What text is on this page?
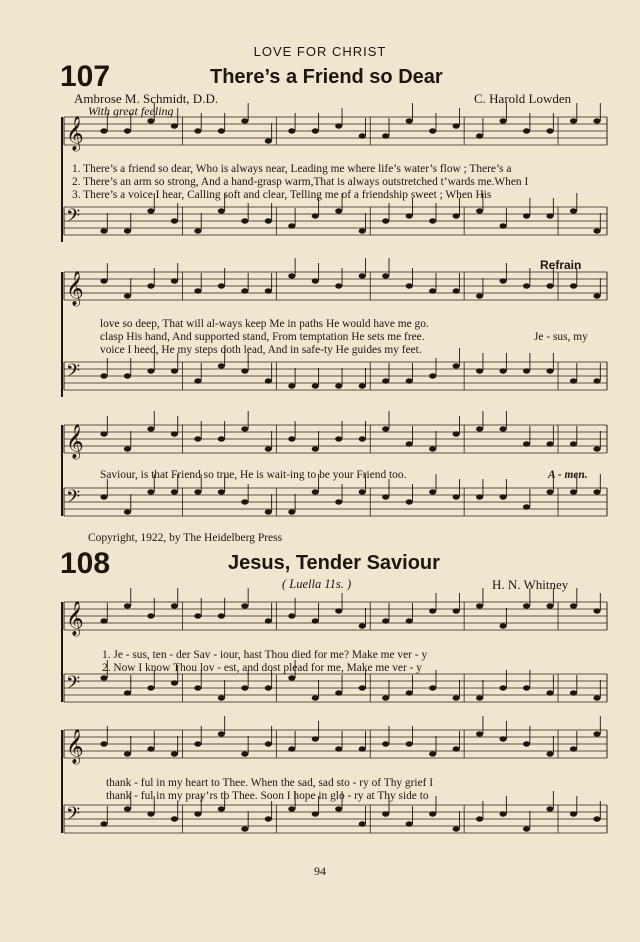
𝄞
𝄢
𝄞
𝄢
𝄞
𝄢
𝄞
𝄢
𝄞
𝄢
LOVE FOR CHRIST
107	There’s a Friend so Dear
Ambrose M. Schmidt, D.D.	C. Harold Lowden
With great feeling
1. There’s a friend so dear, Who is always near, Leading me where life’s water’s flow ; There’s a
2. There’s an arm so strong, And a hand-grasp warm,That is always outstretched t’wards me.When I
3. There’s a voice I hear, Calling soft and clear, Telling me of a friendship sweet ; When His
Refrain
love so deep, That will al-ways keep Me in paths He would have me go.
clasp His hand, And supported stand, From temptation He sets me free.
voice I heed, He my steps doth lead, And in safe-ty He guides my feet.
Je - sus, my
Saviour, is that Friend so true, He is wait-ing to be your Friend too.	A - men.
Copyright, 1922, by The Heidelberg Press
108	Jesus, Tender Saviour
( Luella 11s. )	H. N. Whitney
1. Je - sus, ten - der Sav - iour, hast Thou died for me? Make me ver - y
2. Now I know Thou lov - est, and dost plead for me, Make me ver - y
thank - ful in my heart to Thee. When the sad, sad sto - ry of Thy grief I
thank - ful in my pray’rs to Thee. Soon I hope in glo - ry at Thy side to
94
